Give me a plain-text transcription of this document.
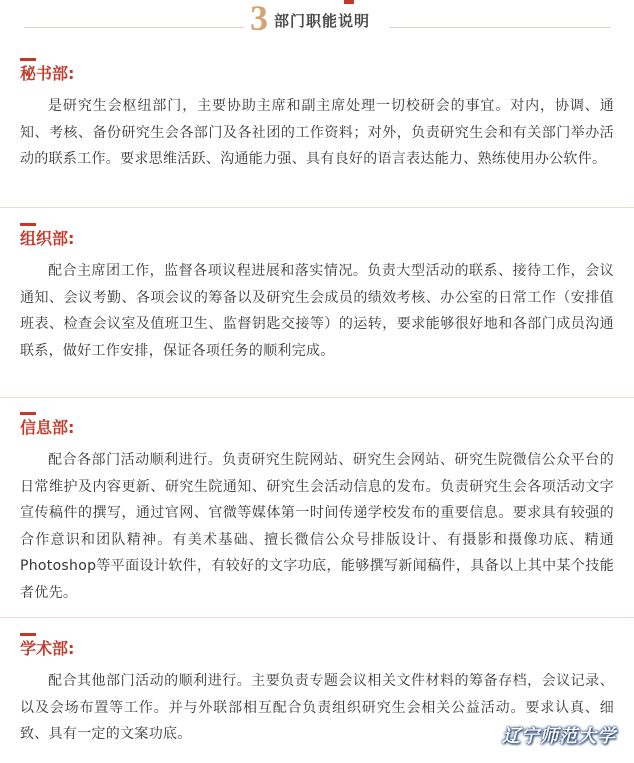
3 部门职能说明
秘书部:
是研究生会枢纽部门，主要协助主席和副主席处理一切校研会的事宜。对内，协调、通知、考核、备份研究生会各部门及各社团的工作资料；对外，负责研究生会和有关部门举办活动的联系工作。要求思维活跃、沟通能力强、具有良好的语言表达能力、熟练使用办公软件。
组织部:
配合主席团工作，监督各项议程进展和落实情况。负责大型活动的联系、接待工作，会议通知、会议考勤、各项会议的筹备以及研究生会成员的绩效考核、办公室的日常工作（安排值班表、检查会议室及值班卫生、监督钥匙交接等）的运转，要求能够很好地和各部门成员沟通联系，做好工作安排，保证各项任务的顺利完成。
信息部:
配合各部门活动顺利进行。负责研究生院网站、研究生会网站、研究生院微信公众平台的日常维护及内容更新、研究生院通知、研究生会活动信息的发布。负责研究生会各项活动文字宣传稿件的撰写，通过官网、官微等媒体第一时间传递学校发布的重要信息。要求具有较强的合作意识和团队精神。有美术基础、擅长微信公众号排版设计、有摄影和摄像功底、精通Photoshop等平面设计软件，有较好的文字功底，能够撰写新闻稿件，具备以上其中某个技能者优先。
学术部:
配合其他部门活动的顺利进行。主要负责专题会议相关文件材料的筹备存档，会议记录、以及会场布置等工作。并与外联部相互配合负责组织研究生会相关公益活动。要求认真、细致、具有一定的文案功底。	辽宁师范大学
